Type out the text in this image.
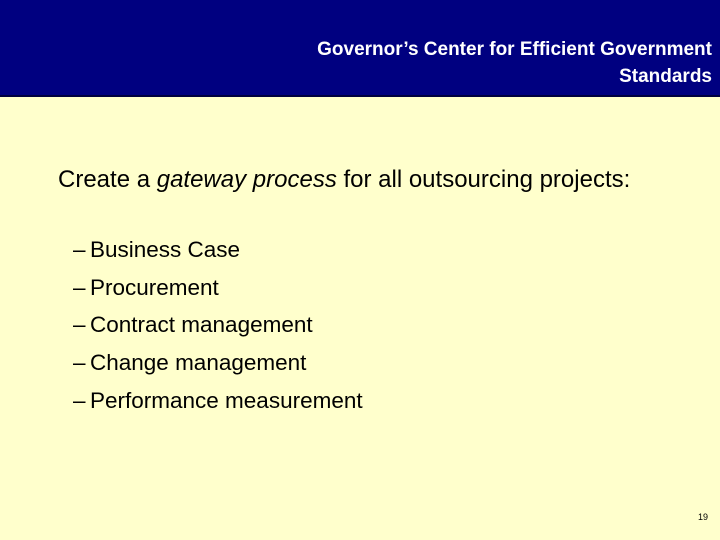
Governor’s Center for Efficient Government
Standards

Create a gateway process for all outsourcing projects:

– Business Case
– Procurement
– Contract management
– Change management
– Performance measurement
19
